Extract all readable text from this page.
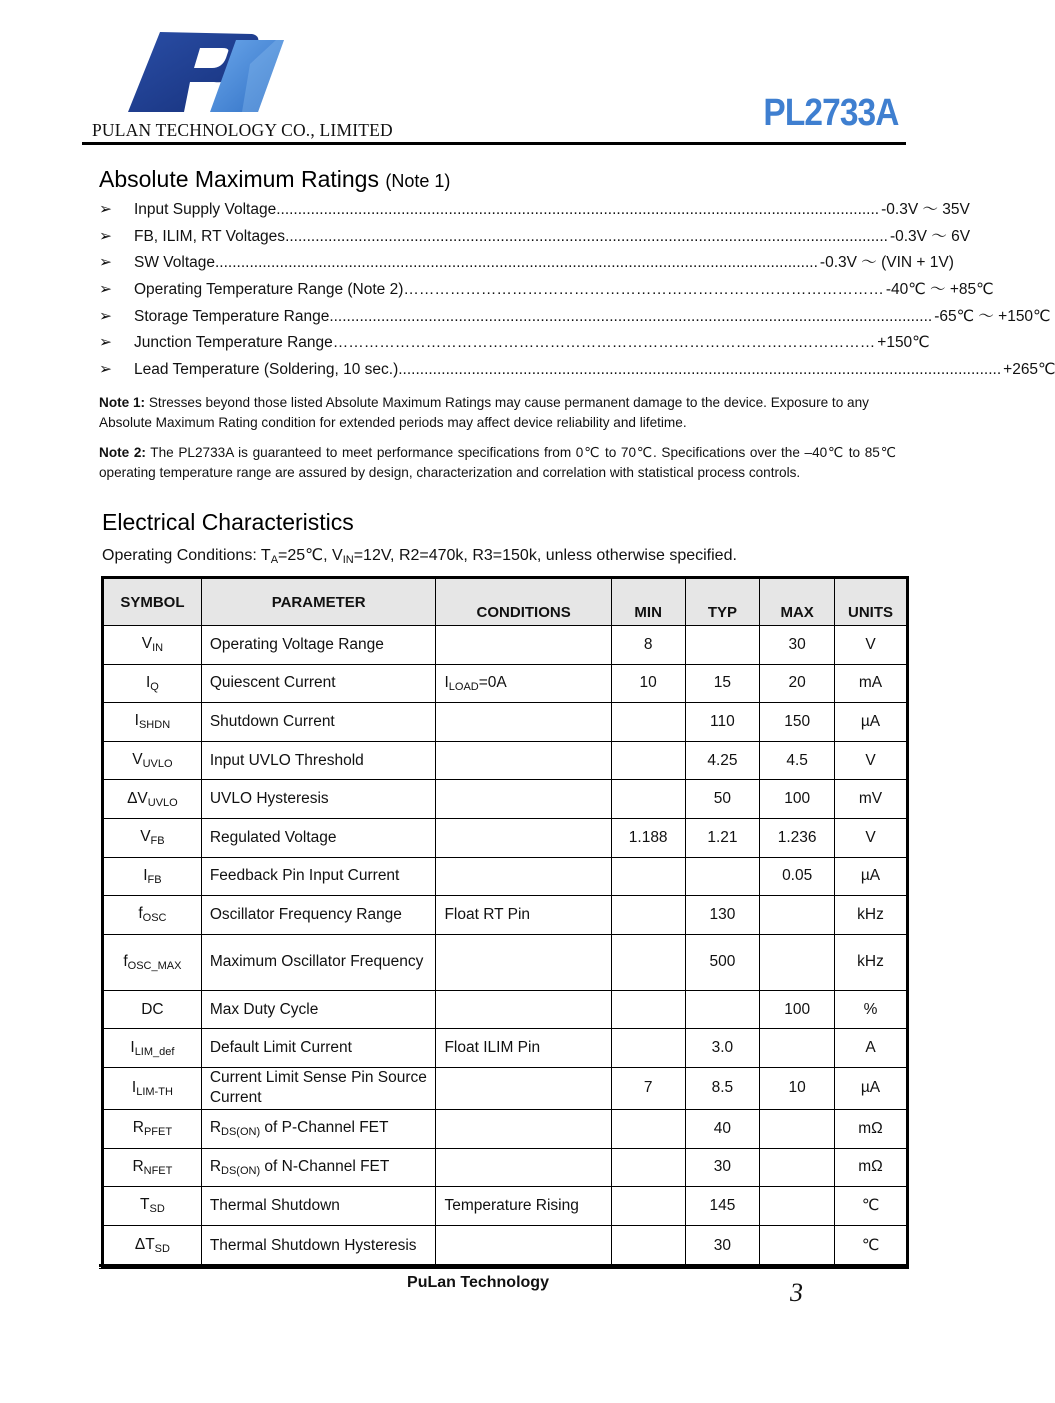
PULAN TECHNOLOGY CO., LIMITED	PL2733A
Absolute Maximum Ratings (Note 1)
➢	Input Supply Voltage ............................................................................................................................................ -0.3V ～ 35V
➢	FB, ILIM, RT Voltages ............................................................................................................................................ -0.3V ～ 6V
➢	SW Voltage ............................................................................................................................................ -0.3V ～ (VIN + 1V)
➢	Operating Temperature Range (Note 2) ………………………………………………………………………………… -40℃ ～ +85℃
➢	Storage Temperature Range ............................................................................................................................................ -65℃ ～ +150℃
➢	Junction Temperature Range …………………………………………………………………………………………… +150℃
➢	Lead Temperature (Soldering, 10 sec.) ............................................................................................................................................ +265℃
Note 1: Stresses beyond those listed Absolute Maximum Ratings may cause permanent damage to the device. Exposure to any Absolute Maximum Rating condition for extended periods may affect device reliability and lifetime.
Note 2: The PL2733A is guaranteed to meet performance specifications from 0℃ to 70℃. Specifications over the –40℃ to 85℃ operating temperature range are assured by design, characterization and correlation with statistical process controls.
Electrical Characteristics
Operating Conditions: $T_A=25℃$, $V_{IN}=12V$, R2=470k, R3=150k, unless otherwise specified.
SYMBOL	PARAMETER	CONDITIONS	MIN	TYP	MAX	UNITS
$V_{IN}$	Operating Voltage Range		8		30	V
$I_Q$	Quiescent Current	$I_{LOAD}=0A$	10	15	20	mA
$I_{SHDN}$	Shutdown Current			110	150	µA
$V_{UVLO}$	Input UVLO Threshold			4.25	4.5	V
$\Delta V_{UVLO}$	UVLO Hysteresis			50	100	mV
$V_{FB}$	Regulated Voltage		1.188	1.21	1.236	V
$I_{FB}$	Feedback Pin Input Current				0.05	µA
$f_{OSC}$	Oscillator Frequency Range	Float RT Pin		130		kHz
$f_{OSC\_MAX}$	Maximum Oscillator Frequency			500		kHz
DC	Max Duty Cycle				100	%
$I_{LIM\_def}$	Default Limit Current	Float ILIM Pin		3.0		A
$I_{LIM-TH}$	Current Limit Sense Pin Source Current		7	8.5	10	µA
$R_{PFET}$	$R_{DS(ON)}$ of P-Channel FET			40		mΩ
$R_{NFET}$	$R_{DS(ON)}$ of N-Channel FET			30		mΩ
$T_{SD}$	Thermal Shutdown	Temperature Rising		145		℃
$\Delta T_{SD}$	Thermal Shutdown Hysteresis			30		℃
PuLan Technology	3
